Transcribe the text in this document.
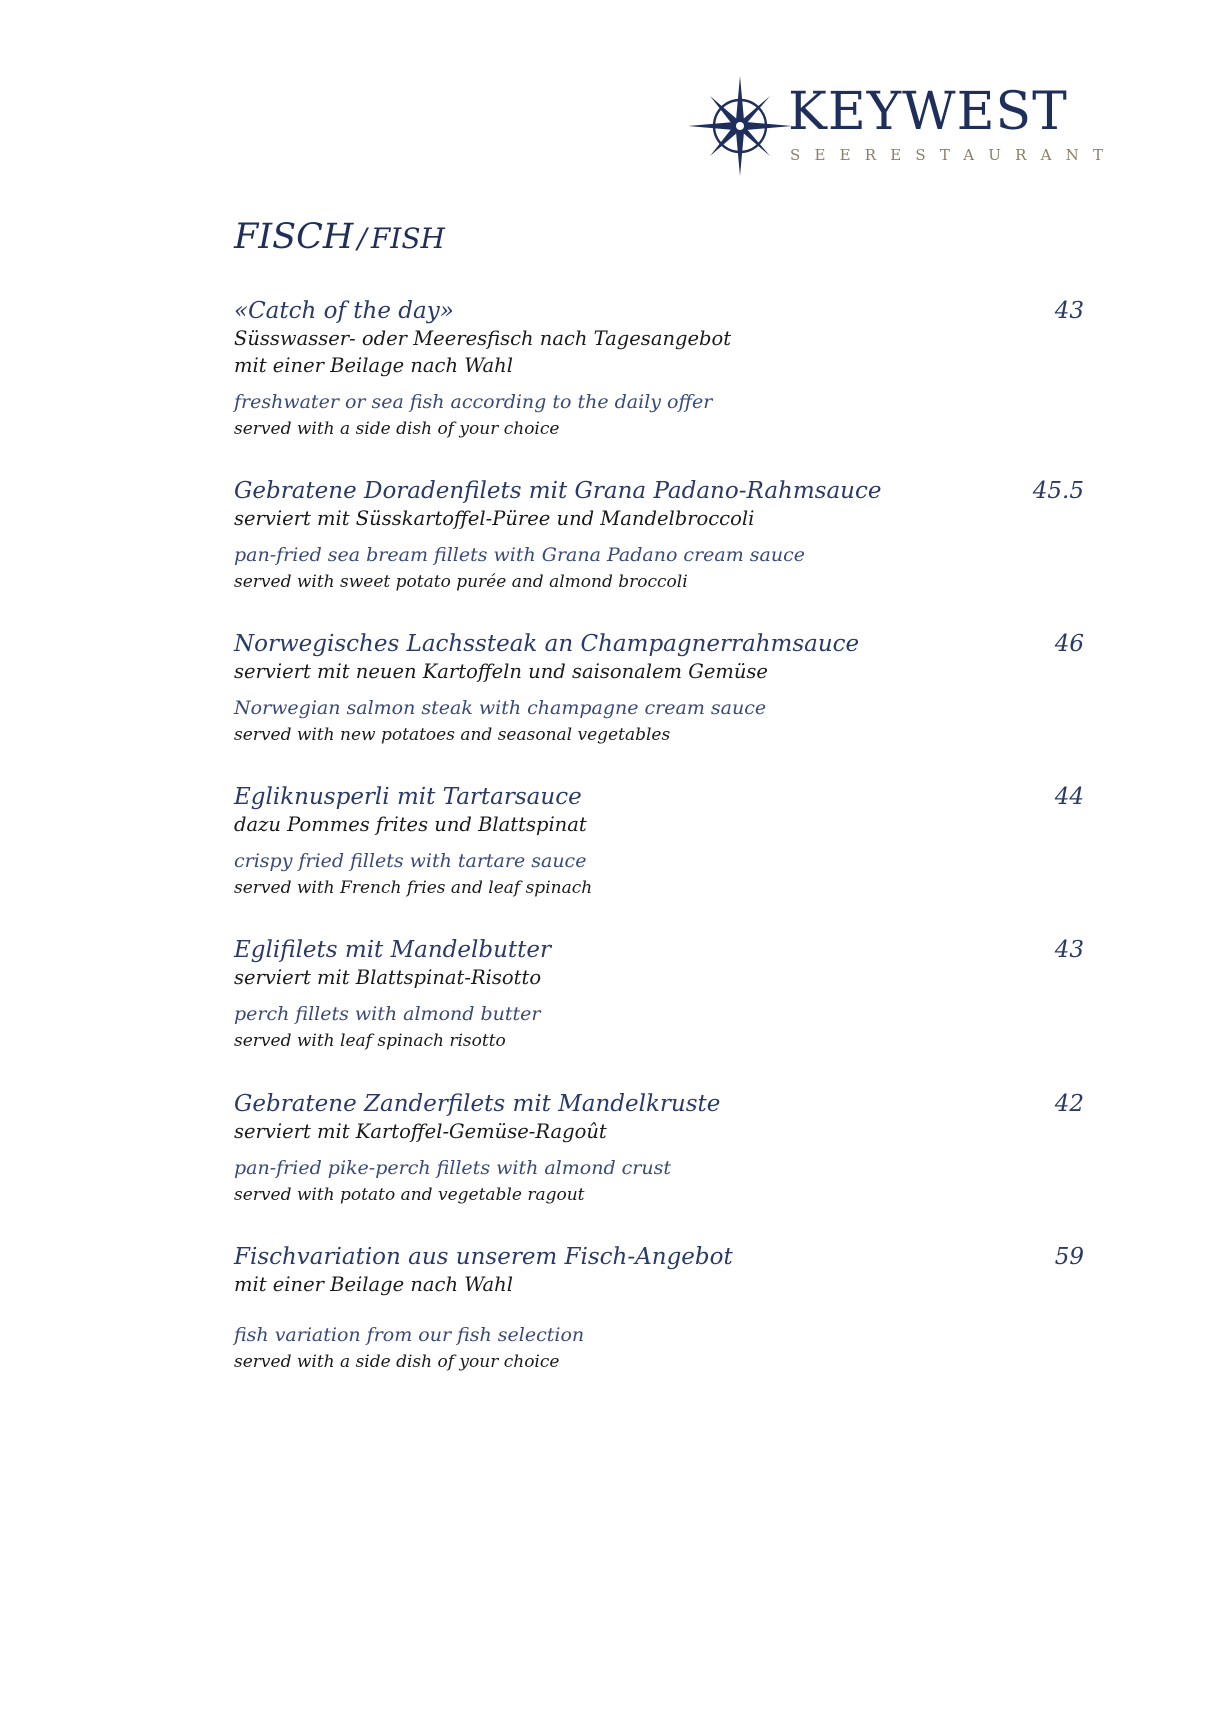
KEYWEST
SEERESTAURANT
FISCH / FISH
«Catch of the day»	43
Süsswasser- oder Meeresfisch nach Tagesangebot
mit einer Beilage nach Wahl
freshwater or sea fish according to the daily offer
served with a side dish of your choice
Gebratene Doradenfilets mit Grana Padano-Rahmsauce	45.5
serviert mit Süsskartoffel-Püree und Mandelbroccoli
pan-fried sea bream fillets with Grana Padano cream sauce
served with sweet potato purée and almond broccoli
Norwegisches Lachssteak an Champagnerrahmsauce	46
serviert mit neuen Kartoffeln und saisonalem Gemüse
Norwegian salmon steak with champagne cream sauce
served with new potatoes and seasonal vegetables
Egliknusperli mit Tartarsauce	44
dazu Pommes frites und Blattspinat
crispy fried fillets with tartare sauce
served with French fries and leaf spinach
Eglifilets mit Mandelbutter	43
serviert mit Blattspinat-Risotto
perch fillets with almond butter
served with leaf spinach risotto
Gebratene Zanderfilets mit Mandelkruste	42
serviert mit Kartoffel-Gemüse-Ragoût
pan-fried pike-perch fillets with almond crust
served with potato and vegetable ragout
Fischvariation aus unserem Fisch-Angebot	59
mit einer Beilage nach Wahl
fish variation from our fish selection
served with a side dish of your choice
